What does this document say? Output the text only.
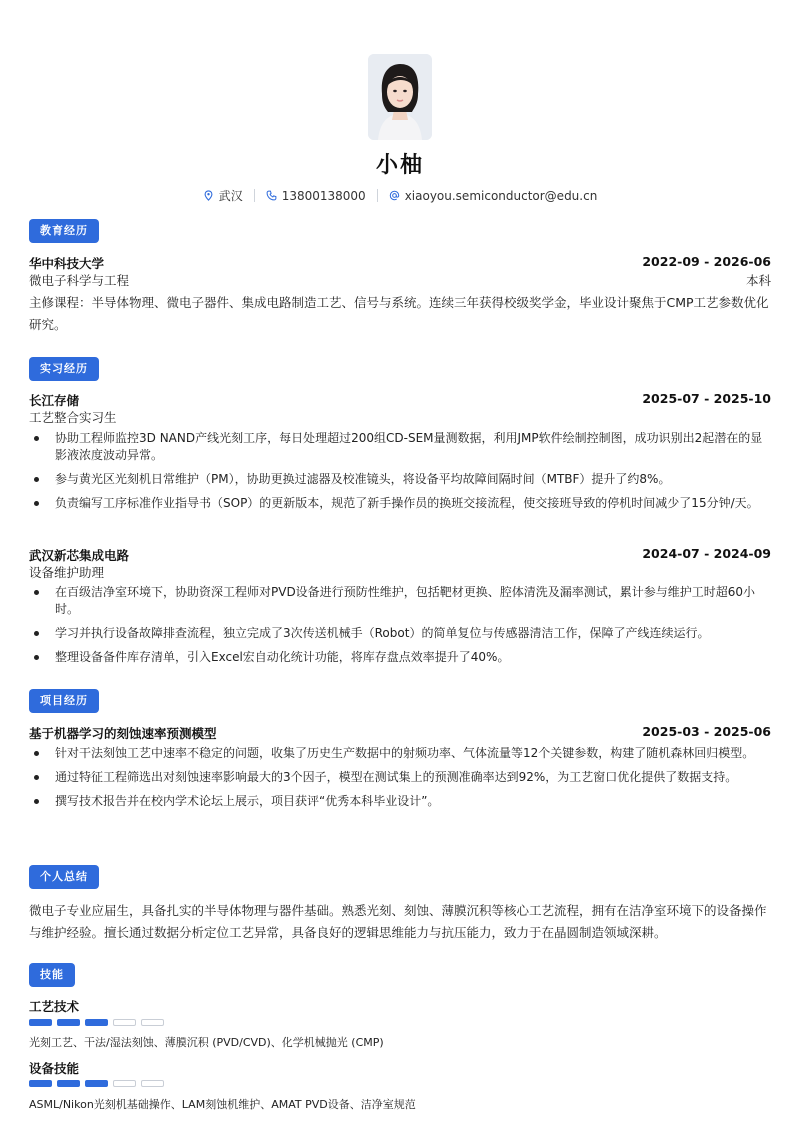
小柚
武汉	13800138000	xiaoyou.semiconductor@edu.cn
教育经历
华中科技大学	2022-09 - 2026-06
微电子科学与工程	本科
主修课程：半导体物理、微电子器件、集成电路制造工艺、信号与系统。连续三年获得校级奖学金，毕业设计聚焦于CMP工艺参数优化研究。
实习经历
长江存储	2025-07 - 2025-10
工艺整合实习生
协助工程师监控3D NAND产线光刻工序，每日处理超过200组CD-SEM量测数据，利用JMP软件绘制控制图，成功识别出2起潜在的显影液浓度波动异常。
参与黄光区光刻机日常维护（PM），协助更换过滤器及校准镜头，将设备平均故障间隔时间（MTBF）提升了约8%。
负责编写工序标准作业指导书（SOP）的更新版本，规范了新手操作员的换班交接流程，使交接班导致的停机时间减少了15分钟/天。
武汉新芯集成电路	2024-07 - 2024-09
设备维护助理
在百级洁净室环境下，协助资深工程师对PVD设备进行预防性维护，包括靶材更换、腔体清洗及漏率测试，累计参与维护工时超60小时。
学习并执行设备故障排查流程，独立完成了3次传送机械手（Robot）的简单复位与传感器清洁工作，保障了产线连续运行。
整理设备备件库存清单，引入Excel宏自动化统计功能，将库存盘点效率提升了40%。
项目经历
基于机器学习的刻蚀速率预测模型	2025-03 - 2025-06
针对干法刻蚀工艺中速率不稳定的问题，收集了历史生产数据中的射频功率、气体流量等12个关键参数，构建了随机森林回归模型。
通过特征工程筛选出对刻蚀速率影响最大的3个因子，模型在测试集上的预测准确率达到92%，为工艺窗口优化提供了数据支持。
撰写技术报告并在校内学术论坛上展示，项目获评“优秀本科毕业设计”。
个人总结
微电子专业应届生，具备扎实的半导体物理与器件基础。熟悉光刻、刻蚀、薄膜沉积等核心工艺流程，拥有在洁净室环境下的设备操作与维护经验。擅长通过数据分析定位工艺异常，具备良好的逻辑思维能力与抗压能力，致力于在晶圆制造领域深耕。
技能
工艺技术
光刻工艺、干法/湿法刻蚀、薄膜沉积 (PVD/CVD)、化学机械抛光 (CMP)
设备技能
ASML/Nikon光刻机基础操作、LAM刻蚀机维护、AMAT PVD设备、洁净室规范
